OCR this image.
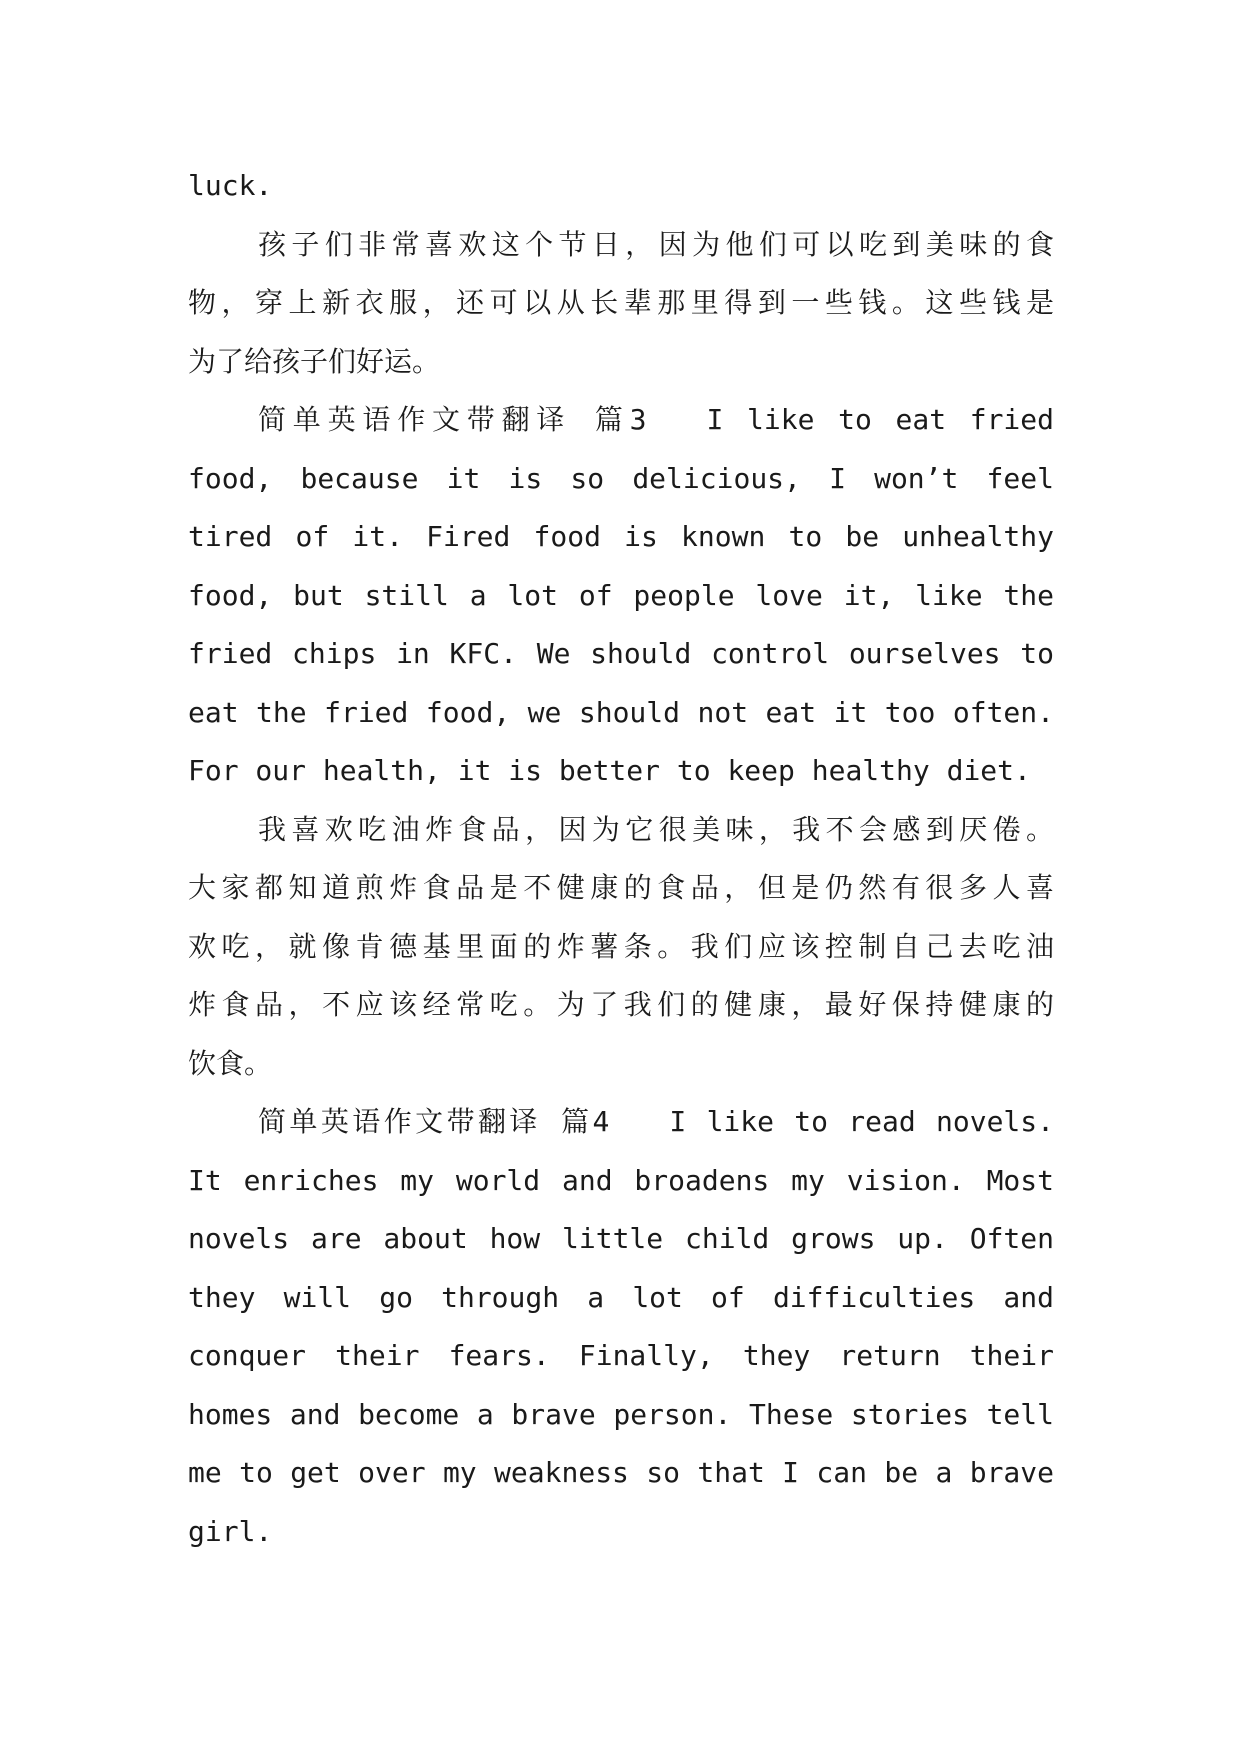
luck.
孩子们非常喜欢这个节日，因为他们可以吃到美味的食
物，穿上新衣服，还可以从长辈那里得到一些钱。这些钱是
为了给孩子们好运。
简单英语作文带翻译 篇3 I like to eat fried
food, because it is so delicious, I won’t feel
tired of it. Fired food is known to be unhealthy
food, but still a lot of people love it, like the
fried chips in KFC. We should control ourselves to
eat the fried food, we should not eat it too often.
For our health, it is better to keep healthy diet.
我喜欢吃油炸食品，因为它很美味，我不会感到厌倦。
大家都知道煎炸食品是不健康的食品，但是仍然有很多人喜
欢吃，就像肯德基里面的炸薯条。我们应该控制自己去吃油
炸食品，不应该经常吃。为了我们的健康，最好保持健康的
饮食。
简单英语作文带翻译 篇4 I like to read novels.
It enriches my world and broadens my vision. Most
novels are about how little child grows up. Often
they will go through a lot of difficulties and
conquer their fears. Finally, they return their
homes and become a brave person. These stories tell
me to get over my weakness so that I can be a brave
girl.
